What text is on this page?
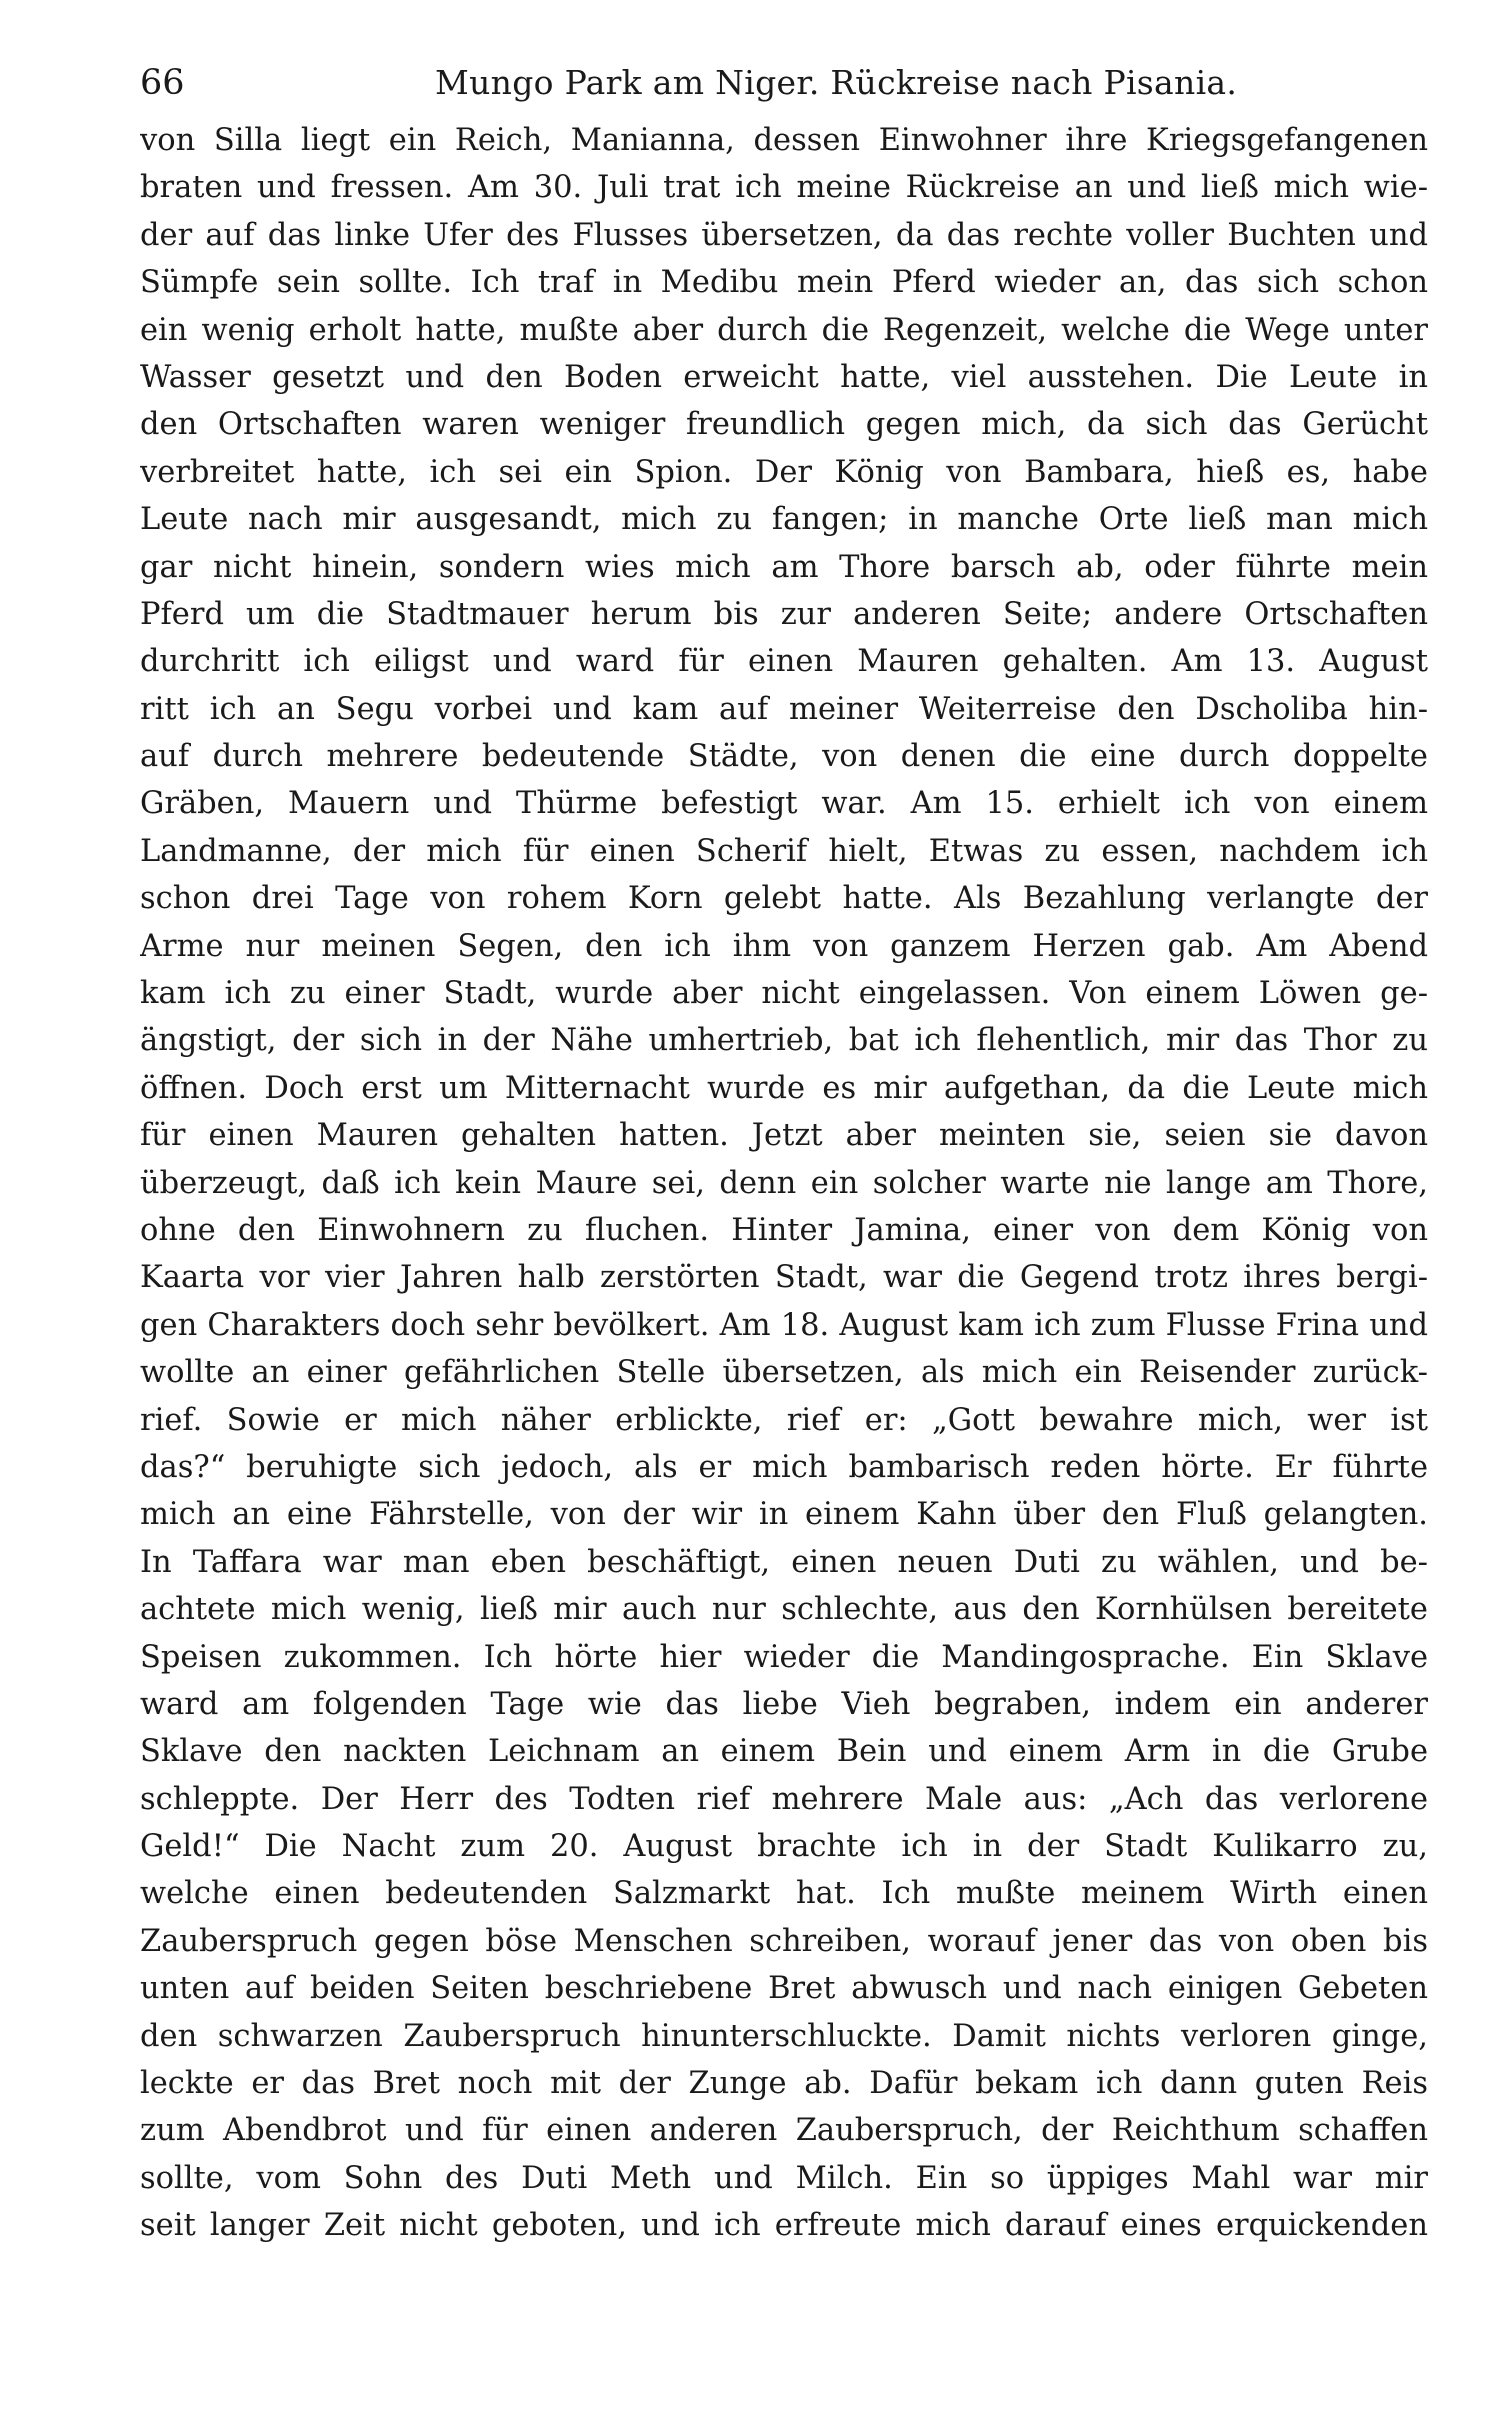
66	Mungo Park am Niger. Rückreise nach Pisania.
von Silla liegt ein Reich, Manianna, dessen Einwohner ihre Kriegsgefangenen
braten und fressen. Am 30. Juli trat ich meine Rückreise an und ließ mich wie-
der auf das linke Ufer des Flusses übersetzen, da das rechte voller Buchten und
Sümpfe sein sollte. Ich traf in Medibu mein Pferd wieder an, das sich schon
ein wenig erholt hatte, mußte aber durch die Regenzeit, welche die Wege unter
Wasser gesetzt und den Boden erweicht hatte, viel ausstehen. Die Leute in
den Ortschaften waren weniger freundlich gegen mich, da sich das Gerücht
verbreitet hatte, ich sei ein Spion. Der König von Bambara, hieß es, habe
Leute nach mir ausgesandt, mich zu fangen; in manche Orte ließ man mich
gar nicht hinein, sondern wies mich am Thore barsch ab, oder führte mein
Pferd um die Stadtmauer herum bis zur anderen Seite; andere Ortschaften
durchritt ich eiligst und ward für einen Mauren gehalten. Am 13. August
ritt ich an Segu vorbei und kam auf meiner Weiterreise den Dscholiba hin-
auf durch mehrere bedeutende Städte, von denen die eine durch doppelte
Gräben, Mauern und Thürme befestigt war. Am 15. erhielt ich von einem
Landmanne, der mich für einen Scherif hielt, Etwas zu essen, nachdem ich
schon drei Tage von rohem Korn gelebt hatte. Als Bezahlung verlangte der
Arme nur meinen Segen, den ich ihm von ganzem Herzen gab. Am Abend
kam ich zu einer Stadt, wurde aber nicht eingelassen. Von einem Löwen ge-
ängstigt, der sich in der Nähe umhertrieb, bat ich flehentlich, mir das Thor zu
öffnen. Doch erst um Mitternacht wurde es mir aufgethan, da die Leute mich
für einen Mauren gehalten hatten. Jetzt aber meinten sie, seien sie davon
überzeugt, daß ich kein Maure sei, denn ein solcher warte nie lange am Thore,
ohne den Einwohnern zu fluchen. Hinter Jamina, einer von dem König von
Kaarta vor vier Jahren halb zerstörten Stadt, war die Gegend trotz ihres bergi-
gen Charakters doch sehr bevölkert. Am 18. August kam ich zum Flusse Frina und
wollte an einer gefährlichen Stelle übersetzen, als mich ein Reisender zurück-
rief. Sowie er mich näher erblickte, rief er: „Gott bewahre mich, wer ist
das?“ beruhigte sich jedoch, als er mich bambarisch reden hörte. Er führte
mich an eine Fährstelle, von der wir in einem Kahn über den Fluß gelangten.
In Taffara war man eben beschäftigt, einen neuen Duti zu wählen, und be-
achtete mich wenig, ließ mir auch nur schlechte, aus den Kornhülsen bereitete
Speisen zukommen. Ich hörte hier wieder die Mandingosprache. Ein Sklave
ward am folgenden Tage wie das liebe Vieh begraben, indem ein anderer
Sklave den nackten Leichnam an einem Bein und einem Arm in die Grube
schleppte. Der Herr des Todten rief mehrere Male aus: „Ach das verlorene
Geld!“ Die Nacht zum 20. August brachte ich in der Stadt Kulikarro zu,
welche einen bedeutenden Salzmarkt hat. Ich mußte meinem Wirth einen
Zauberspruch gegen böse Menschen schreiben, worauf jener das von oben bis
unten auf beiden Seiten beschriebene Bret abwusch und nach einigen Gebeten
den schwarzen Zauberspruch hinunterschluckte. Damit nichts verloren ginge,
leckte er das Bret noch mit der Zunge ab. Dafür bekam ich dann guten Reis
zum Abendbrot und für einen anderen Zauberspruch, der Reichthum schaffen
sollte, vom Sohn des Duti Meth und Milch. Ein so üppiges Mahl war mir
seit langer Zeit nicht geboten, und ich erfreute mich darauf eines erquickenden
